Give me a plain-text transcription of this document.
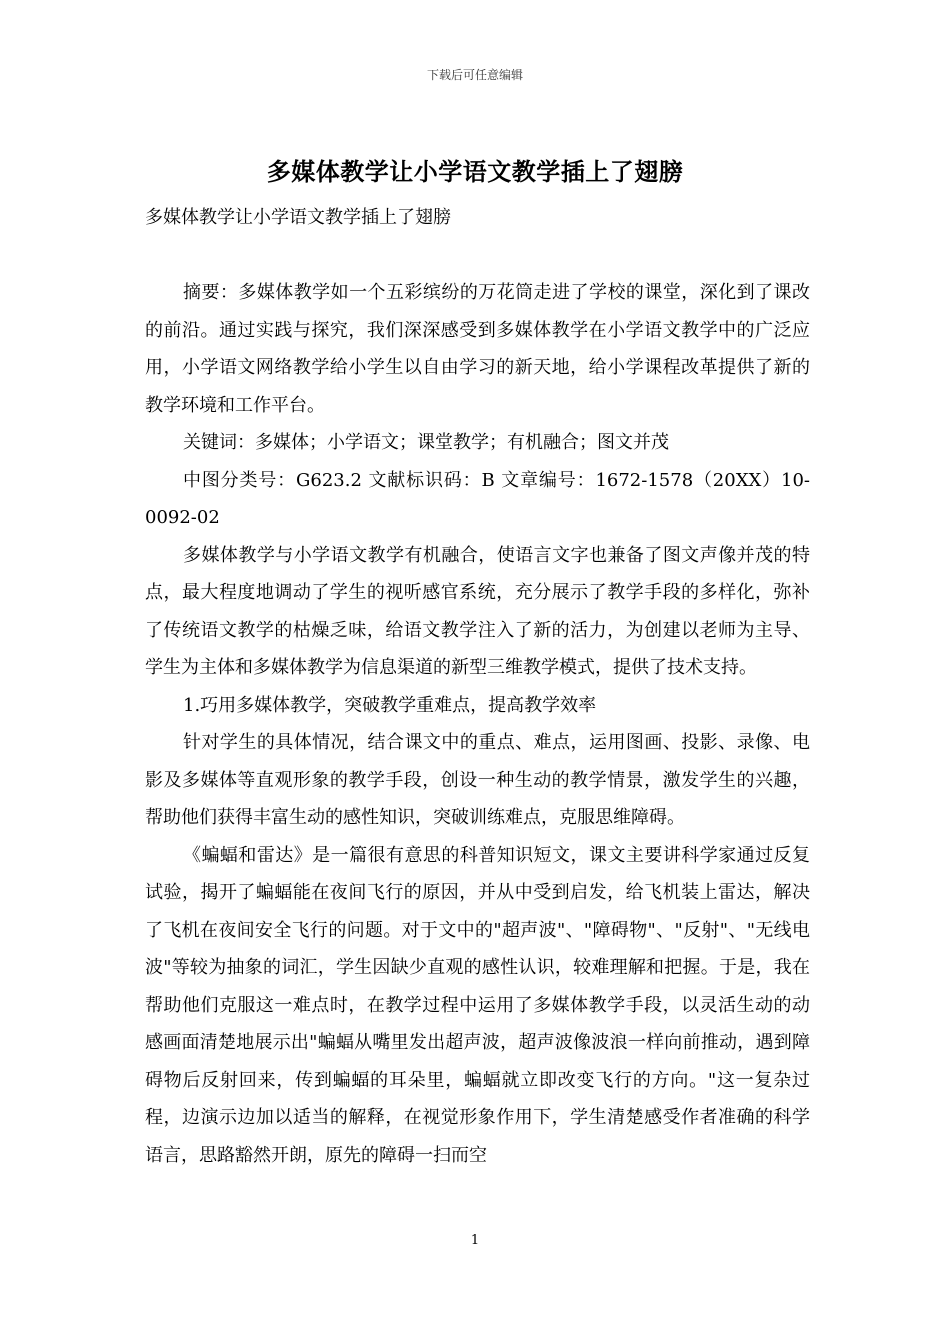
下载后可任意编辑
多媒体教学让小学语文教学插上了翅膀

多媒体教学让小学语文教学插上了翅膀

摘要：多媒体教学如一个五彩缤纷的万花筒走进了学校的课堂，深化到了课改的前沿。通过实践与探究，我们深深感受到多媒体教学在小学语文教学中的广泛应用，小学语文网络教学给小学生以自由学习的新天地，给小学课程改革提供了新的教学环境和工作平台。

关键词：多媒体；小学语文；课堂教学；有机融合；图文并茂

中图分类号：G623.2 文献标识码：B 文章编号：1672-1578（20XX）10-0092-02

多媒体教学与小学语文教学有机融合，使语言文字也兼备了图文声像并茂的特点，最大程度地调动了学生的视听感官系统，充分展示了教学手段的多样化，弥补了传统语文教学的枯燥乏味，给语文教学注入了新的活力，为创建以老师为主导、学生为主体和多媒体教学为信息渠道的新型三维教学模式，提供了技术支持。

1.巧用多媒体教学，突破教学重难点，提高教学效率

针对学生的具体情况，结合课文中的重点、难点，运用图画、投影、录像、电影及多媒体等直观形象的教学手段，创设一种生动的教学情景，激发学生的兴趣，帮助他们获得丰富生动的感性知识，突破训练难点，克服思维障碍。

《蝙蝠和雷达》是一篇很有意思的科普知识短文，课文主要讲科学家通过反复试验，揭开了蝙蝠能在夜间飞行的原因，并从中受到启发，给飞机装上雷达，解决了飞机在夜间安全飞行的问题。对于文中的"超声波"、"障碍物"、"反射"、"无线电波"等较为抽象的词汇，学生因缺少直观的感性认识，较难理解和把握。于是，我在帮助他们克服这一难点时，在教学过程中运用了多媒体教学手段，以灵活生动的动感画面清楚地展示出"蝙蝠从嘴里发出超声波，超声波像波浪一样向前推动，遇到障碍物后反射回来，传到蝙蝠的耳朵里，蝙蝠就立即改变飞行的方向。"这一复杂过程，边演示边加以适当的解释，在视觉形象作用下，学生清楚感受作者准确的科学语言，思路豁然开朗，原先的障碍一扫而空

1
